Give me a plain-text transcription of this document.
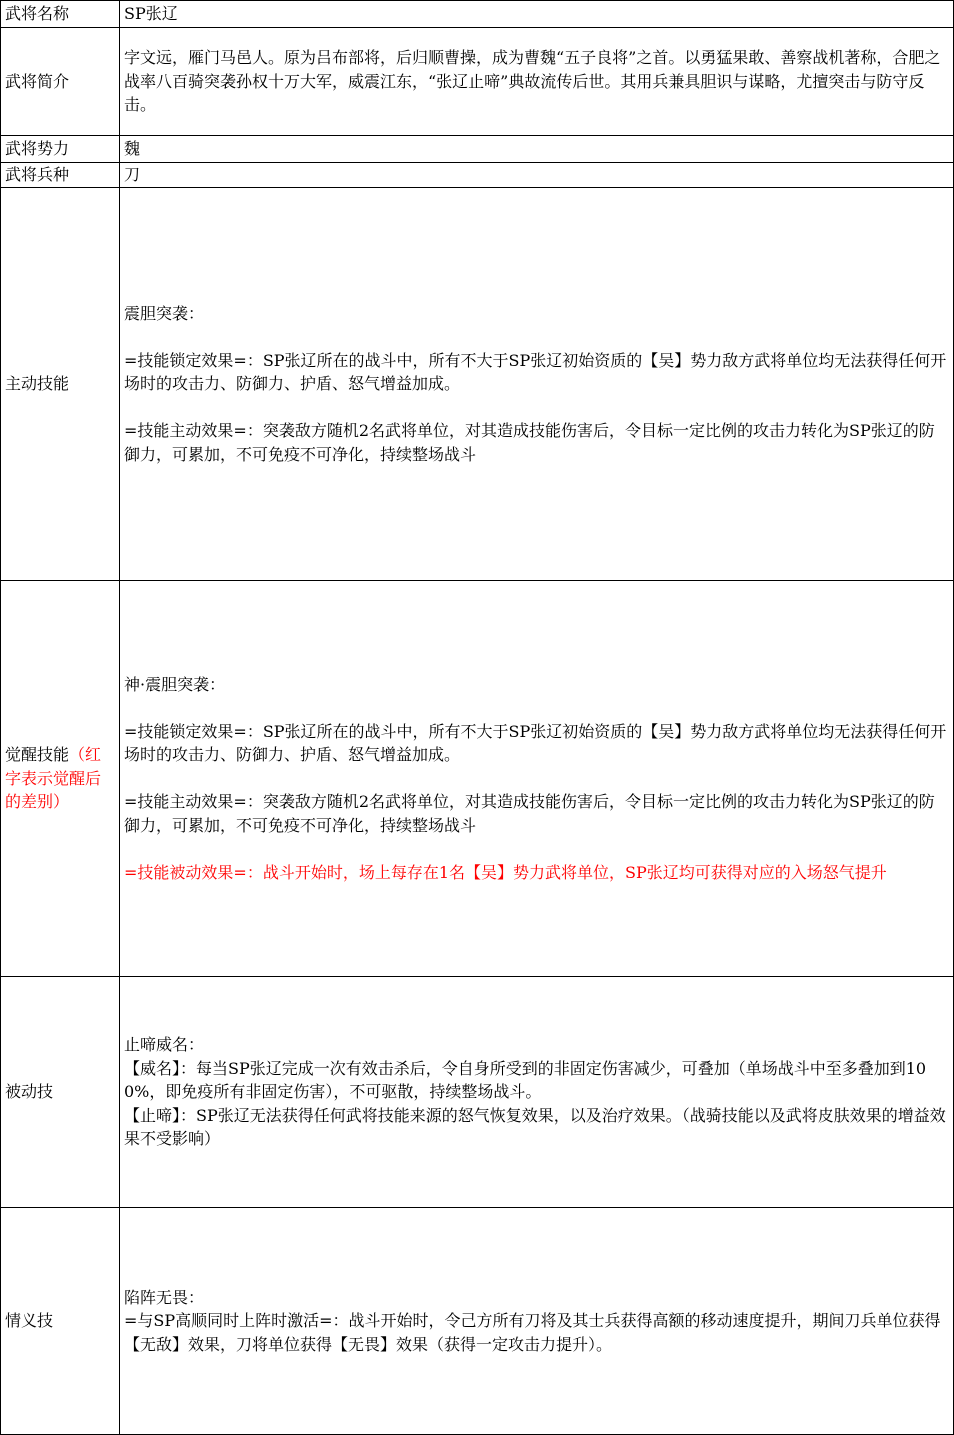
武将名称	SP张辽
武将简介	字文远，雁门马邑人。原为吕布部将，后归顺曹操，成为曹魏“五子良将”之首。以勇猛果敢、善察战机著称，合肥之战率八百骑突袭孙权十万大军，威震江东，“张辽止啼”典故流传后世。其用兵兼具胆识与谋略，尤擅突击与防守反击。
武将势力	魏
武将兵种	刀
主动技能	震胆突袭：
=技能锁定效果=：SP张辽所在的战斗中，所有不大于SP张辽初始资质的【吴】势力敌方武将单位均无法获得任何开场时的攻击力、防御力、护盾、怒气增益加成。
=技能主动效果=：突袭敌方随机2名武将单位，对其造成技能伤害后，令目标一定比例的攻击力转化为SP张辽的防御力，可累加，不可免疫不可净化，持续整场战斗

觉醒技能（红字表示觉醒后的差别）	神·震胆突袭：
=技能锁定效果=：SP张辽所在的战斗中，所有不大于SP张辽初始资质的【吴】势力敌方武将单位均无法获得任何开场时的攻击力、防御力、护盾、怒气增益加成。
=技能主动效果=：突袭敌方随机2名武将单位，对其造成技能伤害后，令目标一定比例的攻击力转化为SP张辽的防御力，可累加，不可免疫不可净化，持续整场战斗
=技能被动效果=：战斗开始时，场上每存在1名【吴】势力武将单位，SP张辽均可获得对应的入场怒气提升

被动技	止啼威名：
【威名】：每当SP张辽完成一次有效击杀后，令自身所受到的非固定伤害减少，可叠加（单场战斗中至多叠加到100%，即免疫所有非固定伤害），不可驱散，持续整场战斗。
【止啼】：SP张辽无法获得任何武将技能来源的怒气恢复效果，以及治疗效果。（战骑技能以及武将皮肤效果的增益效果不受影响）

情义技	陷阵无畏：
=与SP高顺同时上阵时激活=：战斗开始时，令己方所有刀将及其士兵获得高额的移动速度提升，期间刀兵单位获得【无敌】效果，刀将单位获得【无畏】效果（获得一定攻击力提升）。
